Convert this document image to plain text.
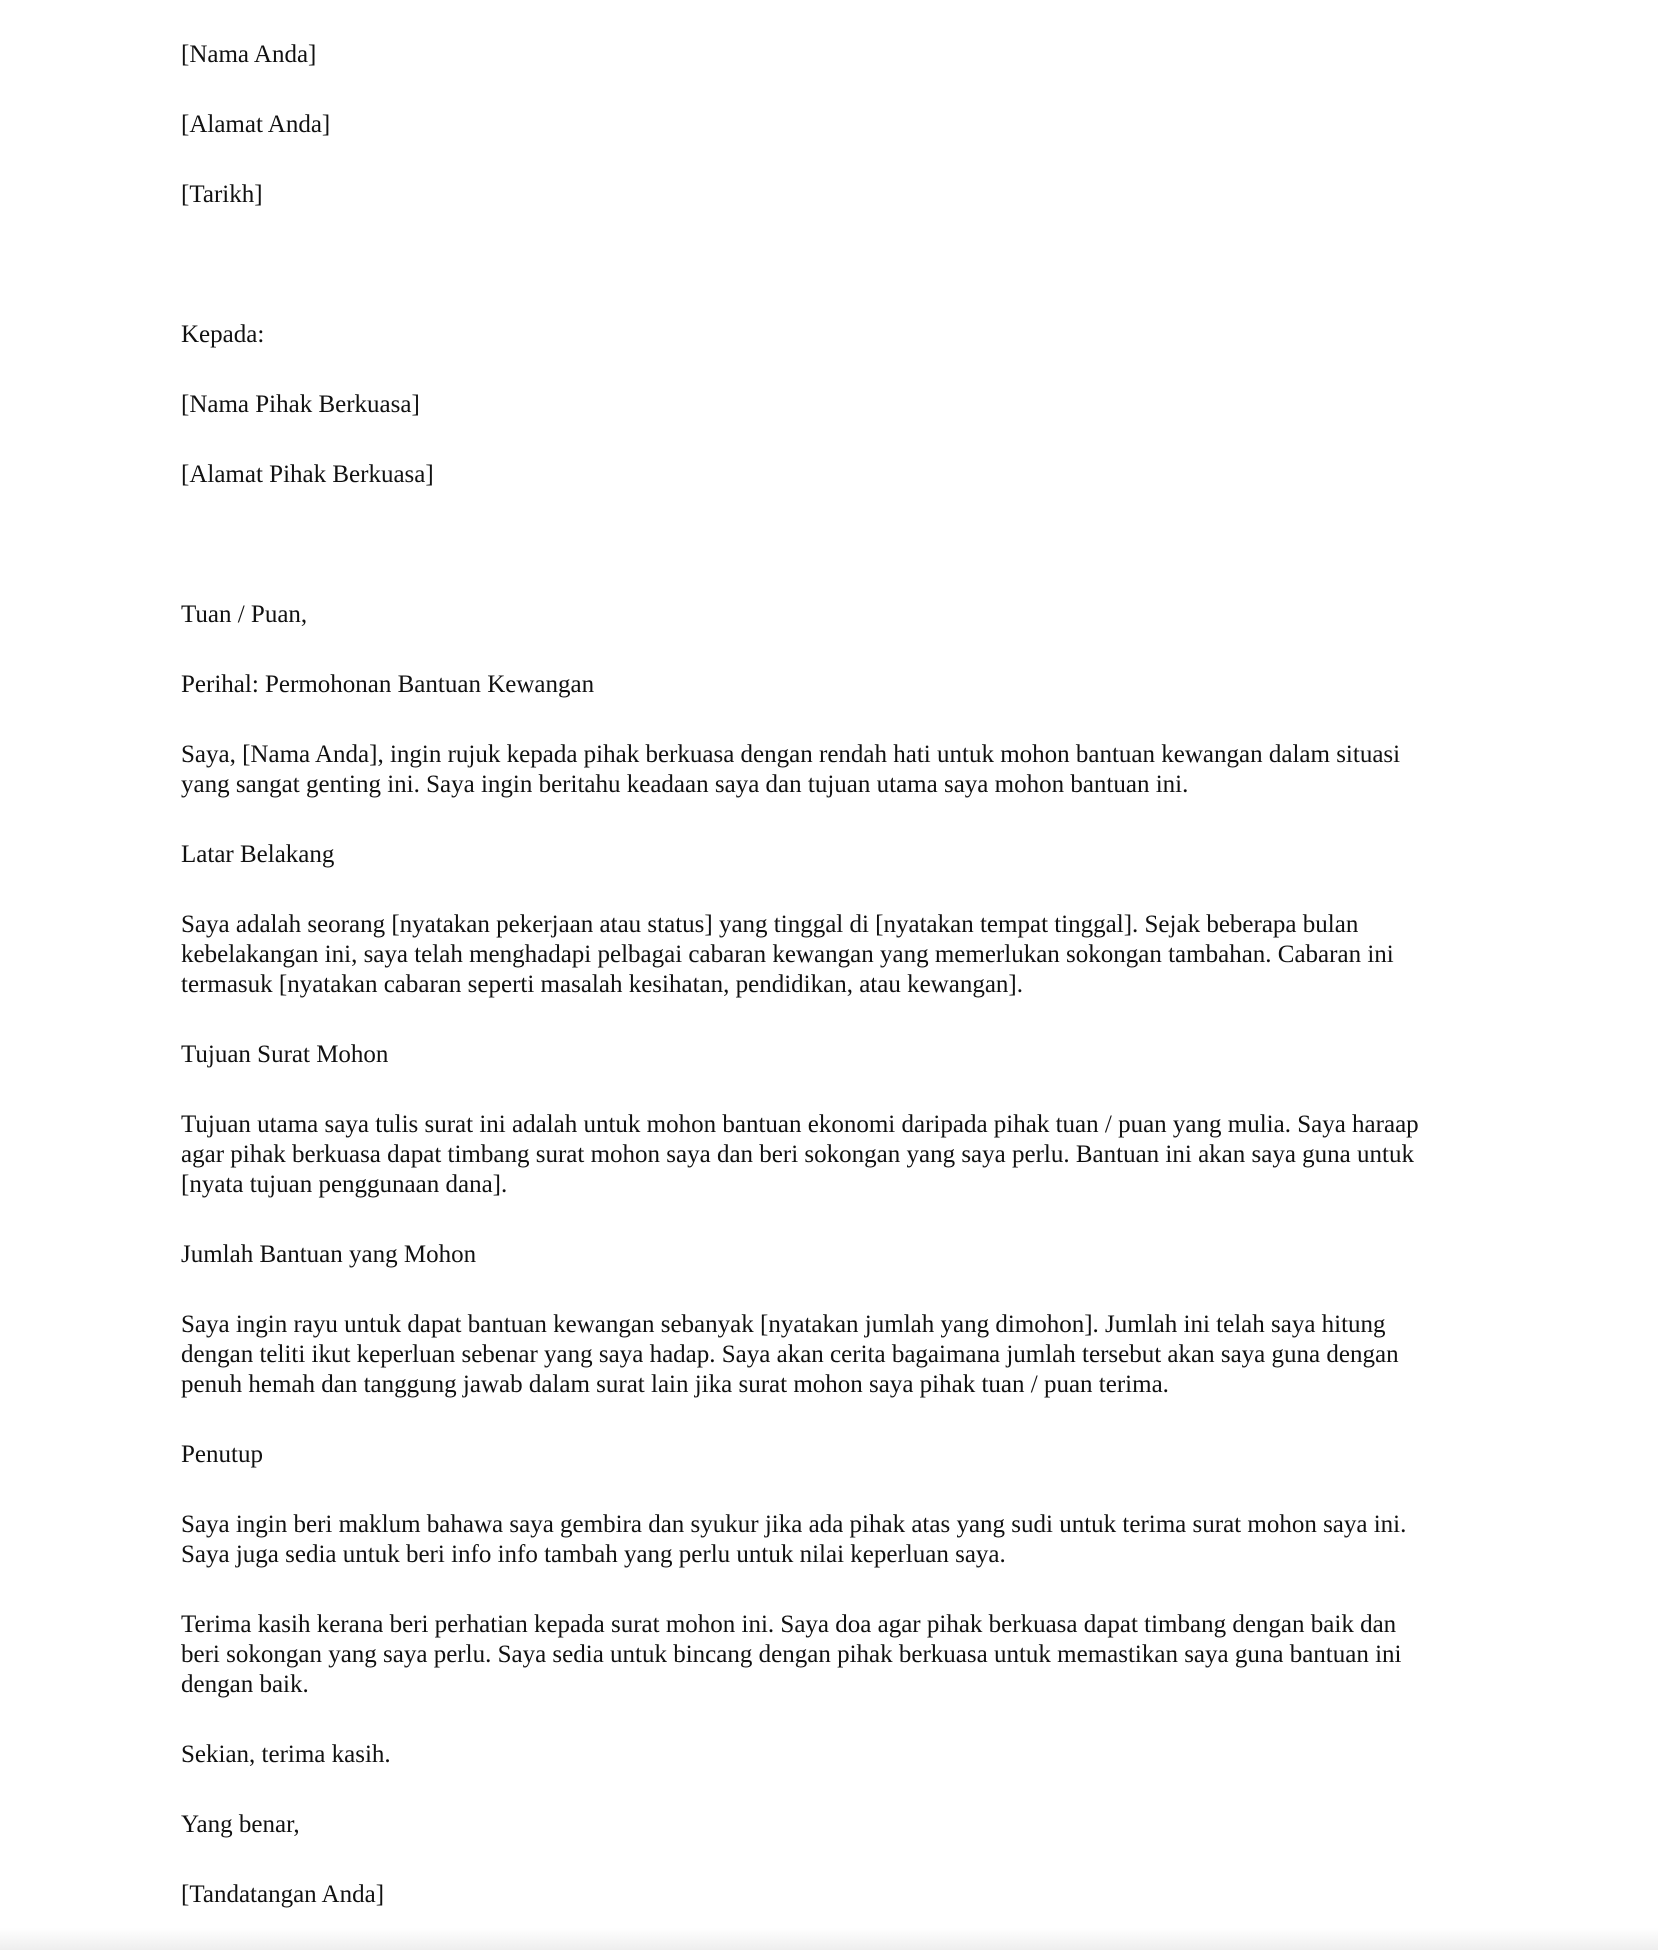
[Nama Anda]

[Alamat Anda]

[Tarikh]

Kepada:

[Nama Pihak Berkuasa]

[Alamat Pihak Berkuasa]

Tuan / Puan,

Perihal: Permohonan Bantuan Kewangan

Saya, [Nama Anda], ingin rujuk kepada pihak berkuasa dengan rendah hati untuk mohon bantuan kewangan dalam situasi
yang sangat genting ini. Saya ingin beritahu keadaan saya dan tujuan utama saya mohon bantuan ini.

Latar Belakang

Saya adalah seorang [nyatakan pekerjaan atau status] yang tinggal di [nyatakan tempat tinggal]. Sejak beberapa bulan
kebelakangan ini, saya telah menghadapi pelbagai cabaran kewangan yang memerlukan sokongan tambahan. Cabaran ini
termasuk [nyatakan cabaran seperti masalah kesihatan, pendidikan, atau kewangan].

Tujuan Surat Mohon

Tujuan utama saya tulis surat ini adalah untuk mohon bantuan ekonomi daripada pihak tuan / puan yang mulia. Saya haraap
agar pihak berkuasa dapat timbang surat mohon saya dan beri sokongan yang saya perlu. Bantuan ini akan saya guna untuk
[nyata tujuan penggunaan dana].

Jumlah Bantuan yang Mohon

Saya ingin rayu untuk dapat bantuan kewangan sebanyak [nyatakan jumlah yang dimohon]. Jumlah ini telah saya hitung
dengan teliti ikut keperluan sebenar yang saya hadap. Saya akan cerita bagaimana jumlah tersebut akan saya guna dengan
penuh hemah dan tanggung jawab dalam surat lain jika surat mohon saya pihak tuan / puan terima.

Penutup

Saya ingin beri maklum bahawa saya gembira dan syukur jika ada pihak atas yang sudi untuk terima surat mohon saya ini.
Saya juga sedia untuk beri info info tambah yang perlu untuk nilai keperluan saya.
Terima kasih kerana beri perhatian kepada surat mohon ini. Saya doa agar pihak berkuasa dapat timbang dengan baik dan
beri sokongan yang saya perlu. Saya sedia untuk bincang dengan pihak berkuasa untuk memastikan saya guna bantuan ini
dengan baik.

Sekian, terima kasih.

Yang benar,

[Tandatangan Anda]
